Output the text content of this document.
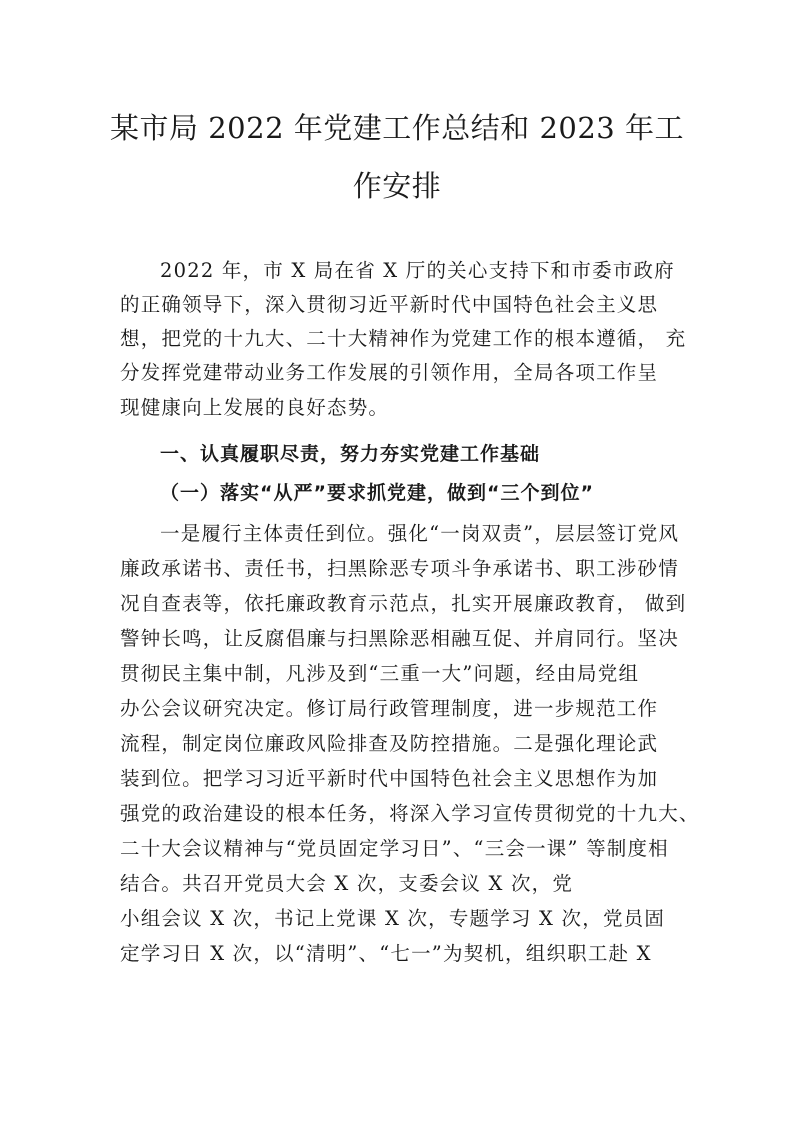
某市局 2022 年党建工作总结和 2023 年工
作安排
2022 年，市 X 局在省 X 厅的关心支持下和市委市政府
的正确领导下，深入贯彻习近平新时代中国特色社会主义思
想，把党的十九大、二十大精神作为党建工作的根本遵循， 充
分发挥党建带动业务工作发展的引领作用，全局各项工作呈
现健康向上发展的良好态势。
一、认真履职尽责，努力夯实党建工作基础
（一）落实“从严”要求抓党建，做到“三个到位”
一是履行主体责任到位。强化“一岗双责”，层层签订党风
廉政承诺书、责任书，扫黑除恶专项斗争承诺书、职工涉砂情
况自查表等，依托廉政教育示范点，扎实开展廉政教育， 做到
警钟长鸣，让反腐倡廉与扫黑除恶相融互促、并肩同行。坚决
贯彻民主集中制，凡涉及到“三重一大”问题，经由局党组
办公会议研究决定。修订局行政管理制度，进一步规范工作
流程，制定岗位廉政风险排查及防控措施。二是强化理论武
装到位。把学习习近平新时代中国特色社会主义思想作为加
强党的政治建设的根本任务，将深入学习宣传贯彻党的十九大、
二十大会议精神与“党员固定学习日”、“三会一课” 等制度相
结合。共召开党员大会 X 次，支委会议 X 次，党
小组会议 X 次，书记上党课 X 次，专题学习 X 次，党员固
定学习日 X 次，以“清明”、“七一”为契机，组织职工赴 X
